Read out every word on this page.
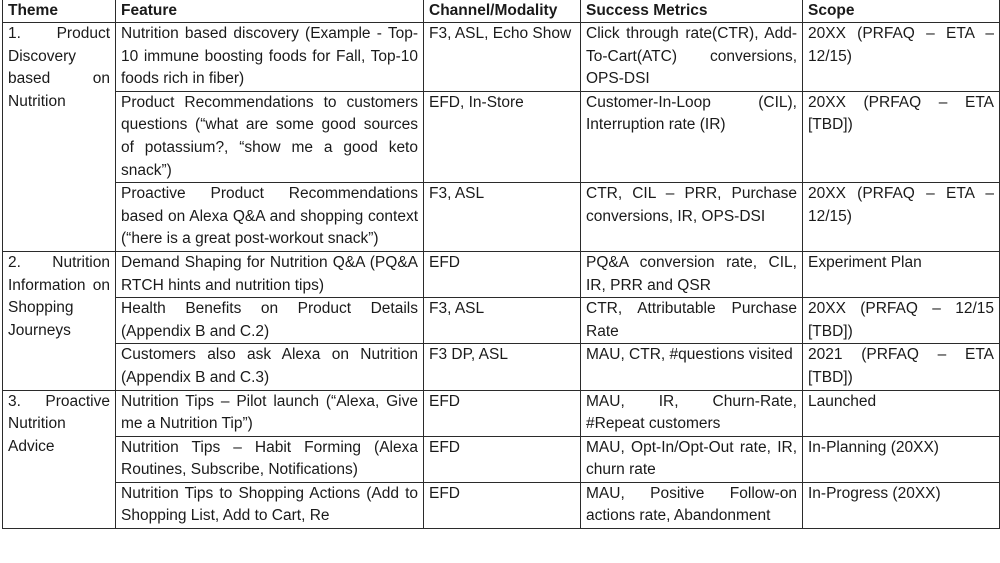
Theme	Feature	Channel/Modality	Success Metrics	Scope
1. Product Discovery based on Nutrition	Nutrition based discovery (Example - Top-10 immune boosting foods for Fall, Top-10 foods rich in fiber)	F3, ASL, Echo Show	Click through rate(CTR), Add-To-Cart(ATC) conversions, OPS-DSI	20XX (PRFAQ – ETA – 12/15)
	Product Recommendations to customers questions (“what are some good sources of potassium?, “show me a good keto snack”)	EFD, In-Store	Customer-In-Loop (CIL), Interruption rate (IR)	20XX (PRFAQ – ETA [TBD])
	Proactive Product Recommendations based on Alexa Q&A and shopping context (“here is a great post-workout snack”)	F3, ASL	CTR, CIL – PRR, Purchase conversions, IR, OPS-DSI	20XX (PRFAQ – ETA – 12/15)
2. Nutrition Information on Shopping Journeys	Demand Shaping for Nutrition Q&A (PQ&A RTCH hints and nutrition tips)	EFD	PQ&A conversion rate, CIL, IR, PRR and QSR	Experiment Plan
	Health Benefits on Product Details (Appendix B and C.2)	F3, ASL	CTR, Attributable Purchase Rate	20XX (PRFAQ – 12/15 [TBD])
	Customers also ask Alexa on Nutrition (Appendix B and C.3)	F3 DP, ASL	MAU, CTR, #questions visited	2021 (PRFAQ – ETA [TBD])
3. Proactive Nutrition Advice	Nutrition Tips – Pilot launch (“Alexa, Give me a Nutrition Tip”)	EFD	MAU, IR, Churn-Rate, #Repeat customers	Launched
	Nutrition Tips – Habit Forming (Alexa Routines, Subscribe, Notifications)	EFD	MAU, Opt-In/Opt-Out rate, IR, churn rate	In-Planning (20XX)
	Nutrition Tips to Shopping Actions (Add to Shopping List, Add to Cart, Re	EFD	MAU, Positive Follow-on actions rate, Abandonment	In-Progress (20XX)
